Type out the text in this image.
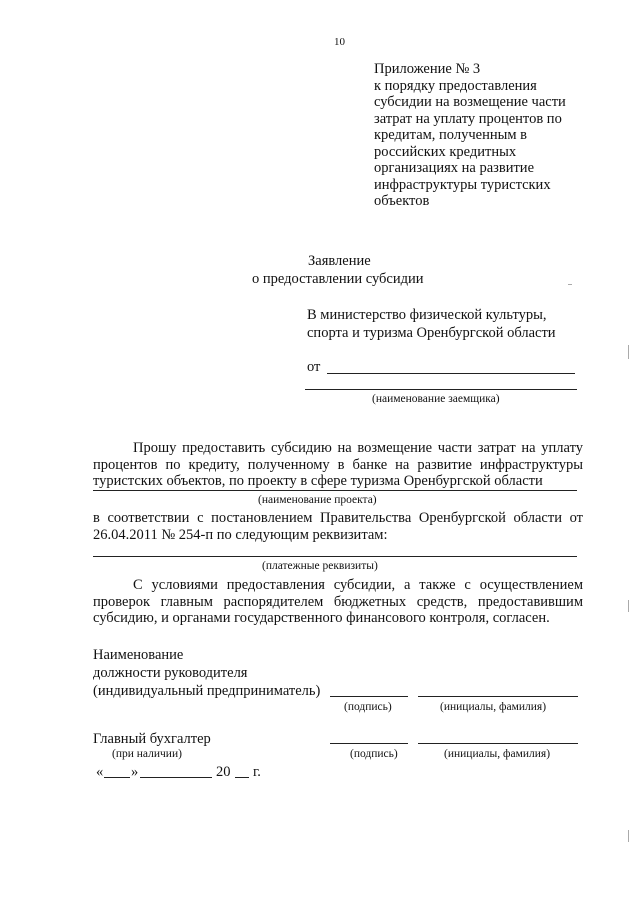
10
Приложение № 3
к порядку предоставления
субсидии на возмещение части
затрат на уплату процентов по
кредитам, полученным в
российских кредитных
организациях на развитие
инфраструктуры туристских
объектов
Заявление
о предоставлении субсидии
В министерство физической культуры,
спорта и туризма Оренбургской области
от
(наименование заемщика)
Прошу предоставить субсидию на возмещение части затрат на уплату
процентов по кредиту, полученному в банке на развитие инфраструктуры
туристских объектов, по проекту в сфере туризма Оренбургской области
(наименование проекта)
в соответствии с постановлением Правительства Оренбургской области от
26.04.2011 № 254-п по следующим реквизитам:
(платежные реквизиты)
С условиями предоставления субсидии, а также с осуществлением
проверок главным распорядителем бюджетных средств, предоставившим
субсидию, и органами государственного финансового контроля, согласен.
Наименование
должности руководителя
(индивидуальный предприниматель)
(подпись)	(инициалы, фамилия)
Главный бухгалтер
(при наличии)	(подпись)	(инициалы, фамилия)
« »	20 г.
